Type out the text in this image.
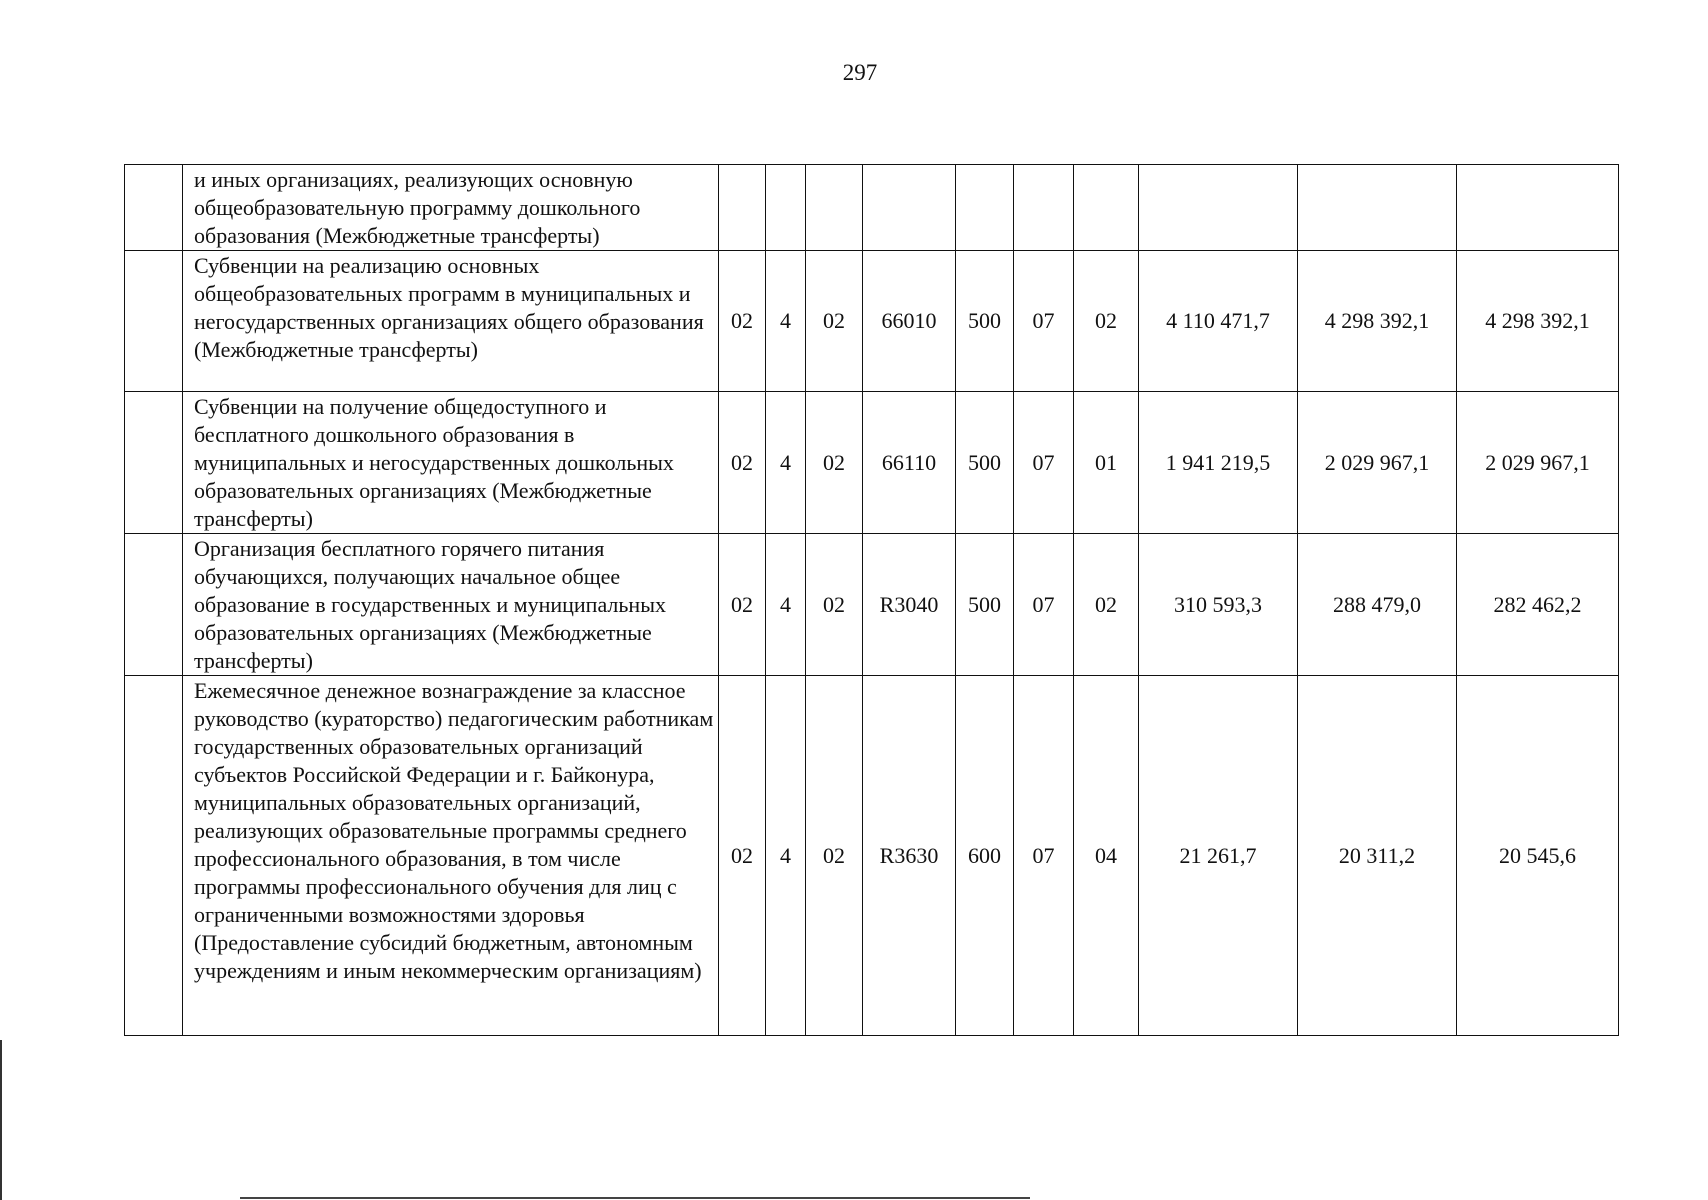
297
	и иных организациях, реализующих основную общеобразовательную программу дошкольного образования (Межбюджетные трансферты)										
	Субвенции на реализацию основных общеобразовательных программ в муниципальных и негосударственных организациях общего образования (Межбюджетные трансферты)	02	4	02	66010	500	07	02	4 110 471,7	4 298 392,1	4 298 392,1
	Субвенции на получение общедоступного и бесплатного дошкольного образования в муниципальных и негосударственных дошкольных образовательных организациях (Межбюджетные трансферты)	02	4	02	66110	500	07	01	1 941 219,5	2 029 967,1	2 029 967,1
	Организация бесплатного горячего питания обучающихся, получающих начальное общее образование в государственных и муниципальных образовательных организациях (Межбюджетные трансферты)	02	4	02	R3040	500	07	02	310 593,3	288 479,0	282 462,2
	Ежемесячное денежное вознаграждение за классное руководство (кураторство) педагогическим работникам государственных образовательных организаций субъектов Российской Федерации и г. Байконура, муниципальных образовательных организаций, реализующих образовательные программы среднего профессионального образования, в том числе программы профессионального обучения для лиц с ограниченными возможностями здоровья (Предоставление субсидий бюджетным, автономным учреждениям и иным некоммерческим организациям)	02	4	02	R3630	600	07	04	21 261,7	20 311,2	20 545,6
